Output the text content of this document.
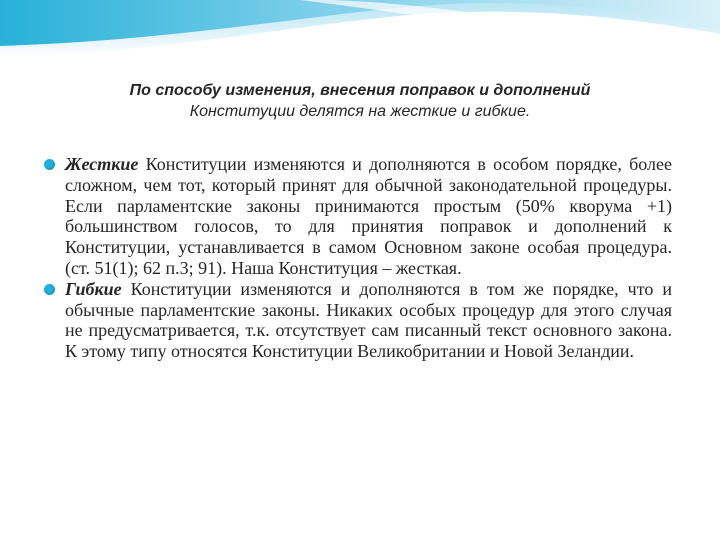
По способу изменения, внесения поправок и дополнений
Конституции делятся на жесткие и гибкие.
Жесткие Конституции изменяются и дополняются в особом порядке, более сложном, чем тот, который принят для обычной законодательной процедуры. Если парламентские законы принимаются простым (50% кворума +1) большинством голосов, то для принятия поправок и дополнений к Конституции, устанавливается в самом Основном законе особая процедура. (ст. 51(1); 62 п.3; 91). Наша Конституция – жесткая.
Гибкие Конституции изменяются и дополняются в том же порядке, что и обычные парламентские законы. Никаких особых процедур для этого случая не предусматривается, т.к. отсутствует сам писанный текст основного закона. К этому типу относятся Конституции Великобритании и Новой Зеландии.
